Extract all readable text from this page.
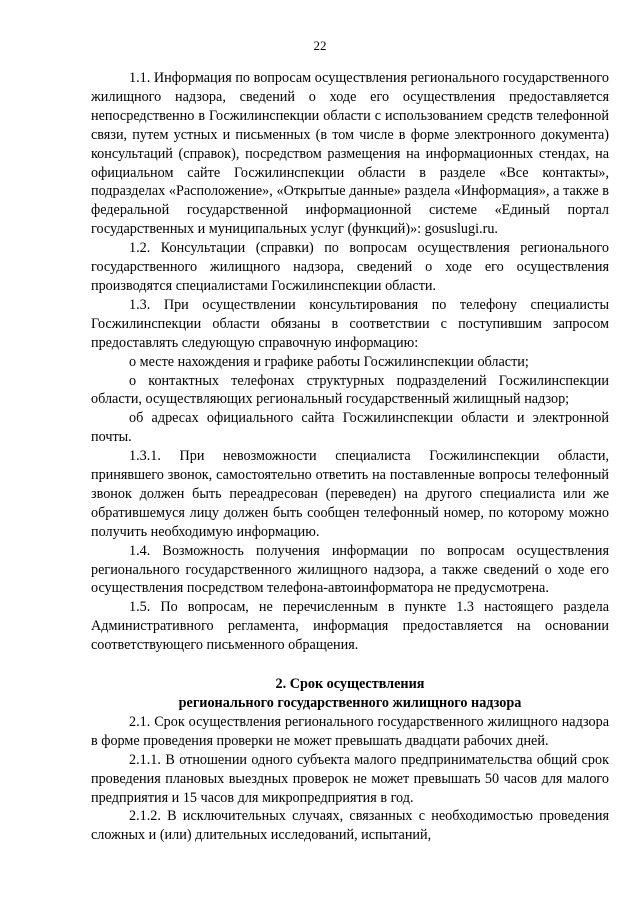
22

1.1. Информация по вопросам осуществления регионального государственного жилищного надзора, сведений о ходе его осуществления предоставляется непосредственно в Госжилинспекции области с использованием средств телефонной связи, путем устных и письменных (в том числе в форме электронного документа) консультаций (справок), посредством размещения на информационных стендах, на официальном сайте Госжилинспекции области в разделе «Все контакты», подразделах «Расположение», «Открытые данные» раздела «Информация», а также в федеральной государственной информационной системе «Единый портал государственных и муниципальных услуг (функций)»: gosuslugi.ru.

1.2. Консультации (справки) по вопросам осуществления регионального государственного жилищного надзора, сведений о ходе его осуществления производятся специалистами Госжилинспекции области.

1.3. При осуществлении консультирования по телефону специалисты Госжилинспекции области обязаны в соответствии с поступившим запросом предоставлять следующую справочную информацию:

о месте нахождения и графике работы Госжилинспекции области;

о контактных телефонах структурных подразделений Госжилинспекции области, осуществляющих региональный государственный жилищный надзор;

об адресах официального сайта Госжилинспекции области и электронной почты.

1.3.1. При невозможности специалиста Госжилинспекции области, принявшего звонок, самостоятельно ответить на поставленные вопросы телефонный звонок должен быть переадресован (переведен) на другого специалиста или же обратившемуся лицу должен быть сообщен телефонный номер, по которому можно получить необходимую информацию.

1.4. Возможность получения информации по вопросам осуществления регионального государственного жилищного надзора, а также сведений о ходе его осуществления посредством телефона-автоинформатора не предусмотрена.

1.5. По вопросам, не перечисленным в пункте 1.3 настоящего раздела Административного регламента, информация предоставляется на основании соответствующего письменного обращения.

2. Срок осуществления
регионального государственного жилищного надзора

2.1. Срок осуществления регионального государственного жилищного надзора в форме проведения проверки не может превышать двадцати рабочих дней.

2.1.1. В отношении одного субъекта малого предпринимательства общий срок проведения плановых выездных проверок не может превышать 50 часов для малого предприятия и 15 часов для микропредприятия в год.

2.1.2. В исключительных случаях, связанных с необходимостью проведения сложных и (или) длительных исследований, испытаний,
